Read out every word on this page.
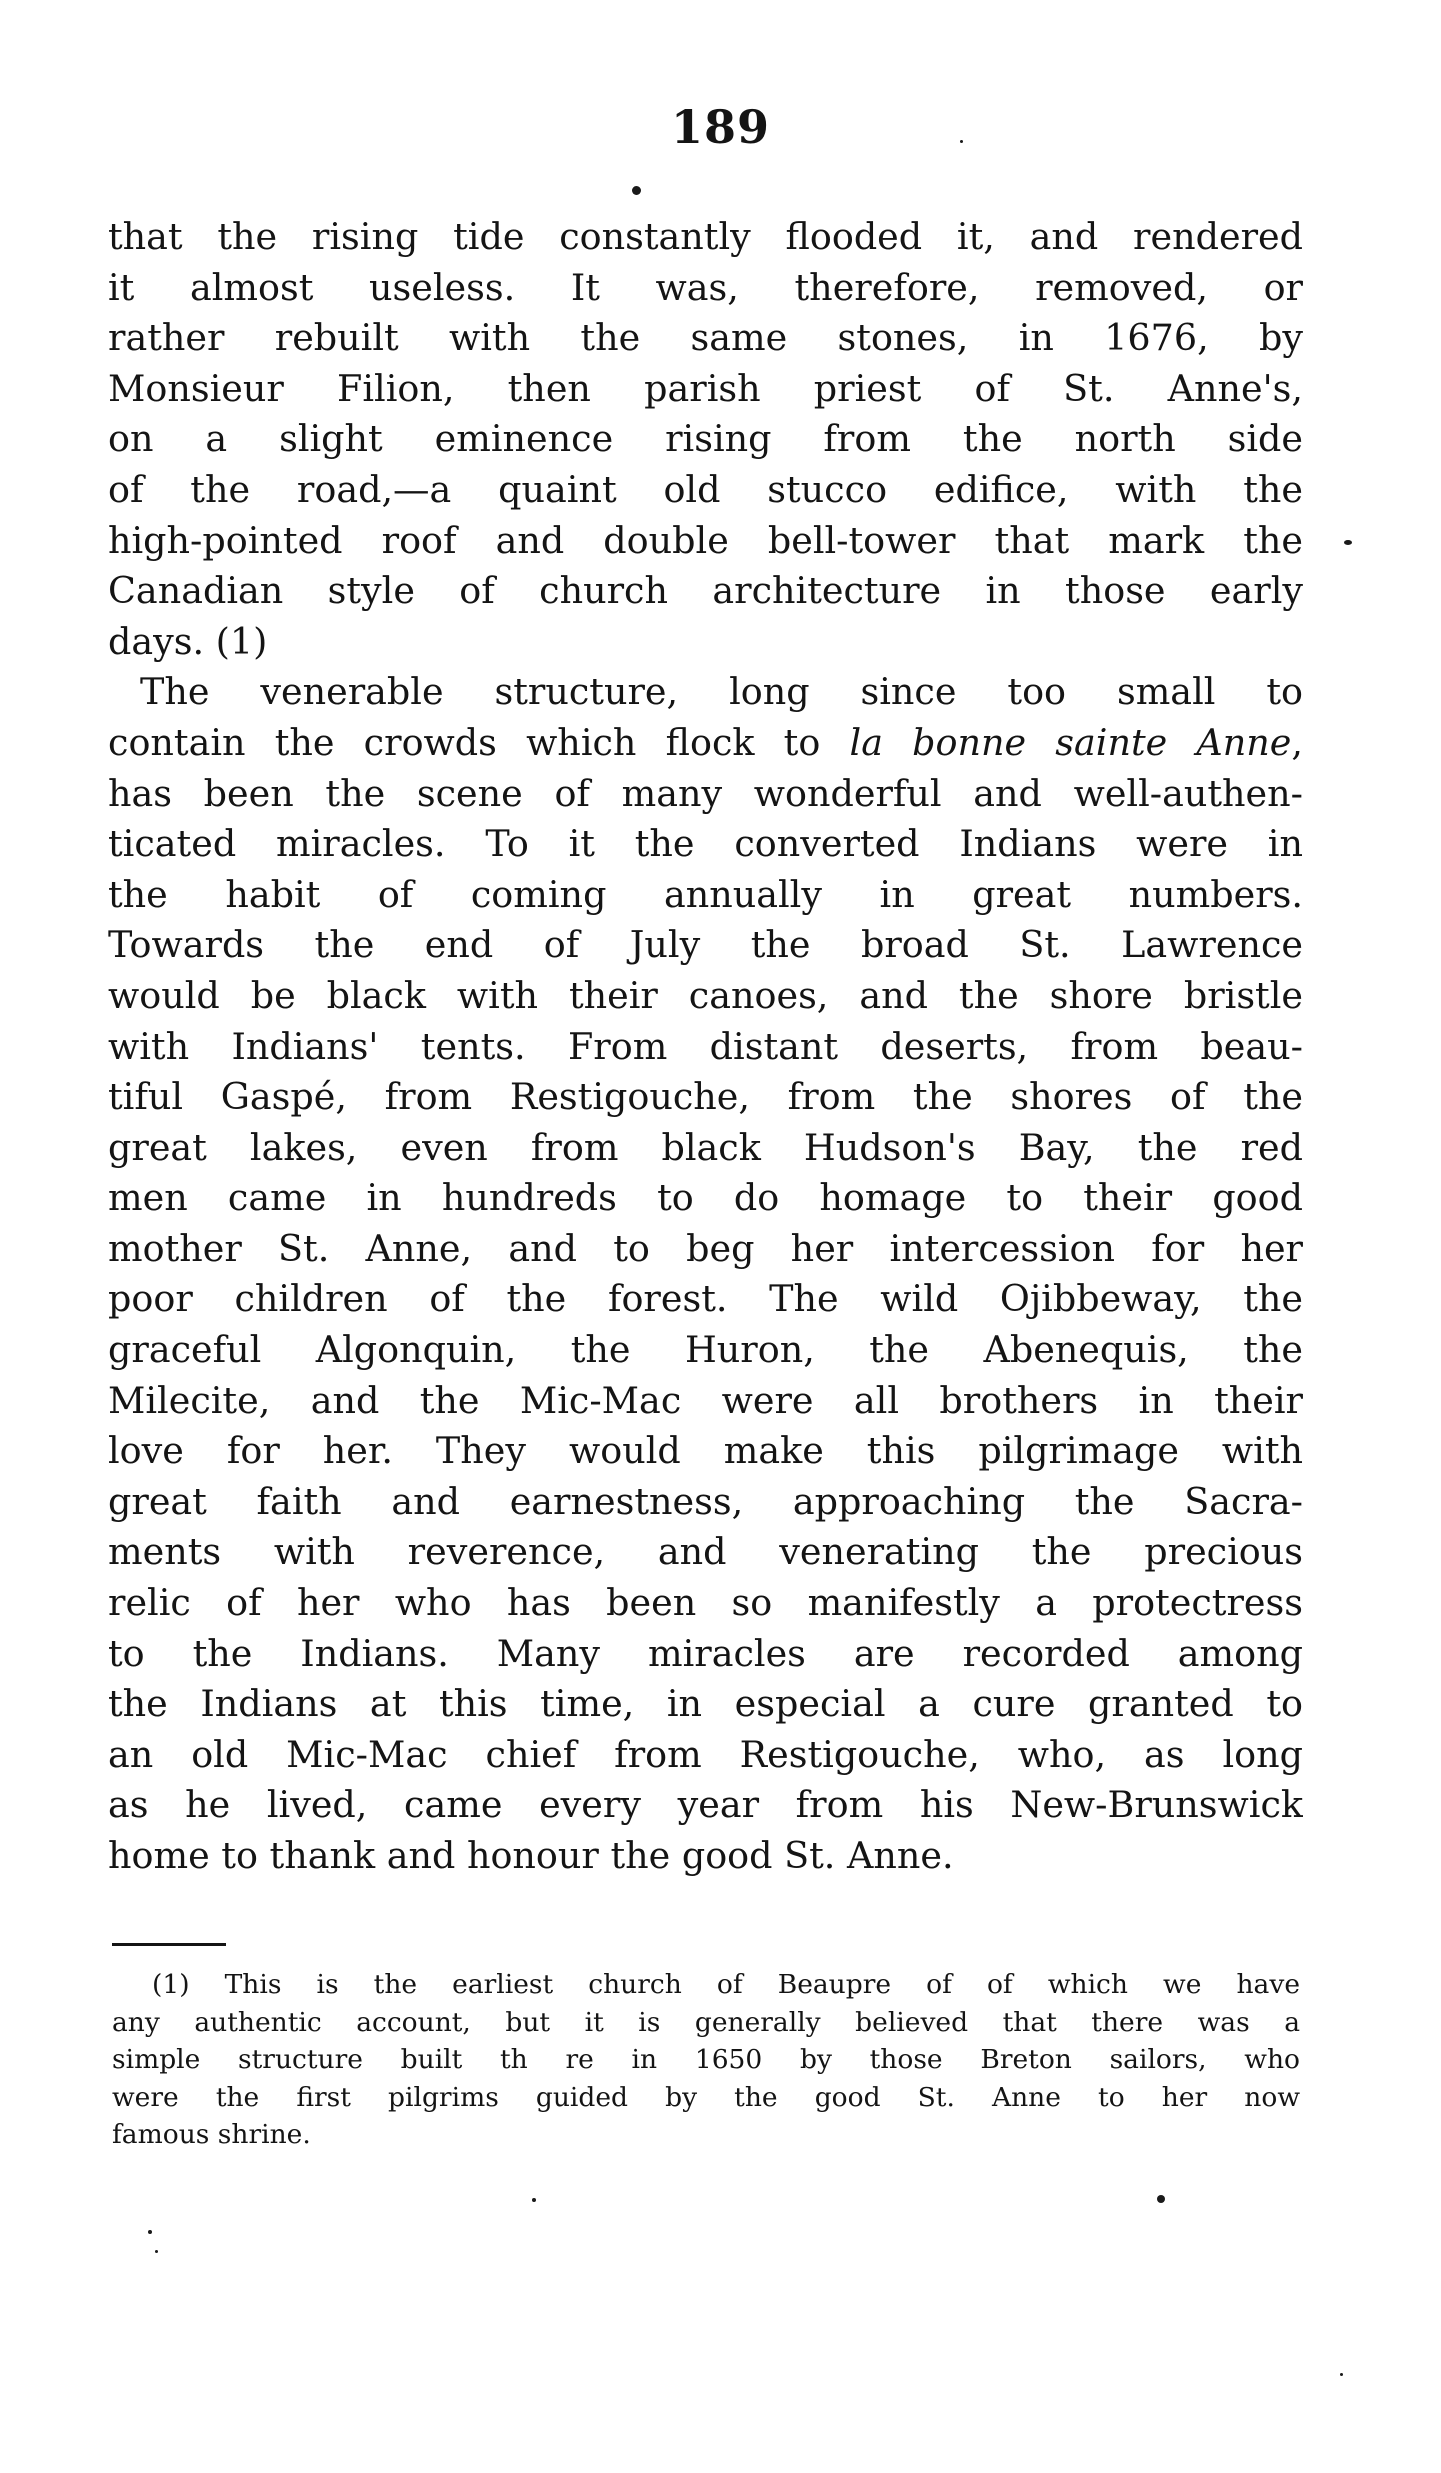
189
that the rising tide constantly flooded it, and rendered
it almost useless. It was, therefore, removed, or
rather rebuilt with the same stones, in 1676, by
Monsieur Filion, then parish priest of St. Anne's,
on a slight eminence rising from the north side
of the road,—a quaint old stucco edifice, with the
high-pointed roof and double bell-tower that mark the
Canadian style of church architecture in those early
days. (1)
The venerable structure, long since too small to
contain the crowds which flock to la bonne sainte Anne,
has been the scene of many wonderful and well-authen-
ticated miracles. To it the converted Indians were in
the habit of coming annually in great numbers.
Towards the end of July the broad St. Lawrence
would be black with their canoes, and the shore bristle
with Indians' tents. From distant deserts, from beau-
tiful Gaspé, from Restigouche, from the shores of the
great lakes, even from black Hudson's Bay, the red
men came in hundreds to do homage to their good
mother St. Anne, and to beg her intercession for her
poor children of the forest. The wild Ojibbeway, the
graceful Algonquin, the Huron, the Abenequis, the
Milecite, and the Mic-Mac were all brothers in their
love for her. They would make this pilgrimage with
great faith and earnestness, approaching the Sacra-
ments with reverence, and venerating the precious
relic of her who has been so manifestly a protectress
to the Indians. Many miracles are recorded among
the Indians at this time, in especial a cure granted to
an old Mic-Mac chief from Restigouche, who, as long
as he lived, came every year from his New-Brunswick
home to thank and honour the good St. Anne.
(1) This is the earliest church of Beaupre of of which we have
any authentic account, but it is generally believed that there was a
simple structure built th re in 1650 by those Breton sailors, who
were the first pilgrims guided by the good St. Anne to her now
famous shrine.
